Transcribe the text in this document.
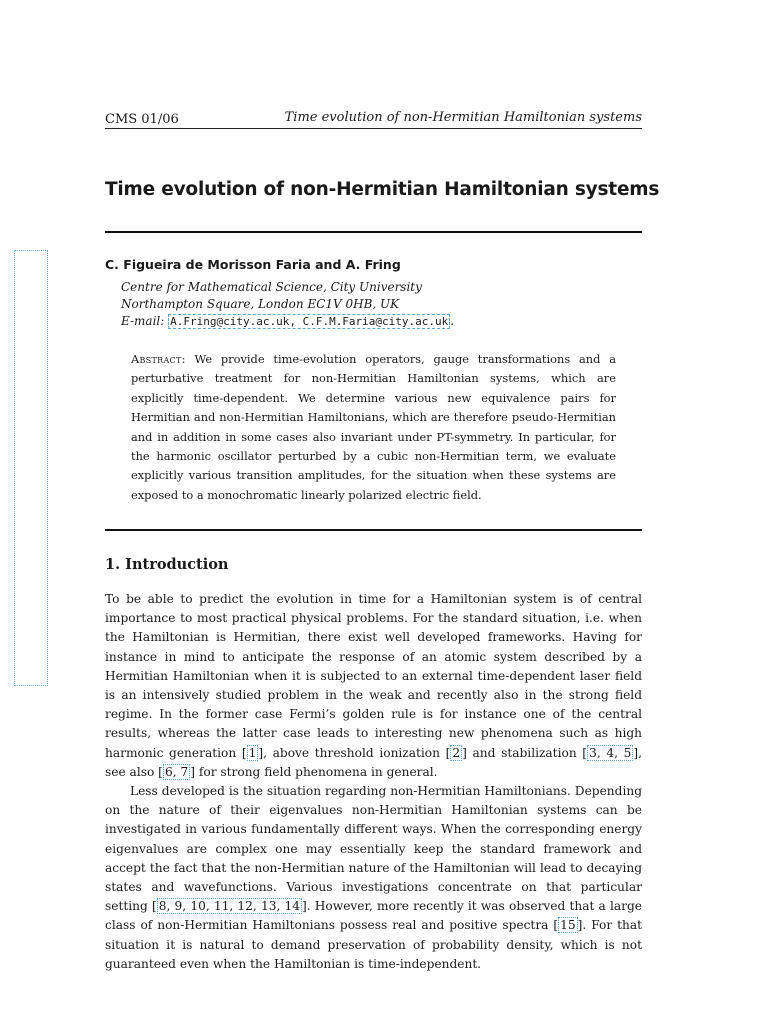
CMS 01/06	Time evolution of non-Hermitian Hamiltonian systems
Time evolution of non-Hermitian Hamiltonian systems
C. Figueira de Morisson Faria and A. Fring
Centre for Mathematical Science, City University
Northampton Square, London EC1V 0HB, UK
E-mail: A.Fring@city.ac.uk, C.F.M.Faria@city.ac.uk .

Abstract: We provide time-evolution operators, gauge transformations and a perturbative treatment for non-Hermitian Hamiltonian systems, which are explicitly time-dependent. We determine various new equivalence pairs for Hermitian and non-Hermitian Hamiltonians, which are therefore pseudo-Hermitian and in addition in some cases also invariant under PT-symmetry. In particular, for the harmonic oscillator perturbed by a cubic non-Hermitian term, we evaluate explicitly various transition amplitudes, for the situation when these systems are exposed to a monochromatic linearly polarized electric field.

1. Introduction

To be able to predict the evolution in time for a Hamiltonian system is of central importance to most practical physical problems. For the standard situation, i.e. when the Hamiltonian is Hermitian, there exist well developed frameworks. Having for instance in mind to anticipate the response of an atomic system described by a Hermitian Hamiltonian when it is subjected to an external time-dependent laser field is an intensively studied problem in the weak and recently also in the strong field regime. In the former case Fermi’s golden rule is for instance one of the central results, whereas the latter case leads to interesting new phenomena such as high harmonic generation [ 1 ], above threshold ionization [ 2 ] and stabilization [ 3, 4, 5 ], see also [ 6, 7 ] for strong field phenomena in general.

Less developed is the situation regarding non-Hermitian Hamiltonians. Depending on the nature of their eigenvalues non-Hermitian Hamiltonian systems can be investigated in various fundamentally different ways. When the corresponding energy eigenvalues are complex one may essentially keep the standard framework and accept the fact that the non-Hermitian nature of the Hamiltonian will lead to decaying states and wavefunctions. Various investigations concentrate on that particular setting [ 8, 9, 10, 11, 12, 13, 14 ]. However, more recently it was observed that a large class of non-Hermitian Hamiltonians possess real and positive spectra [ 15 ]. For that situation it is natural to demand preservation of probability density, which is not guaranteed even when the Hamiltonian is time-independent.
